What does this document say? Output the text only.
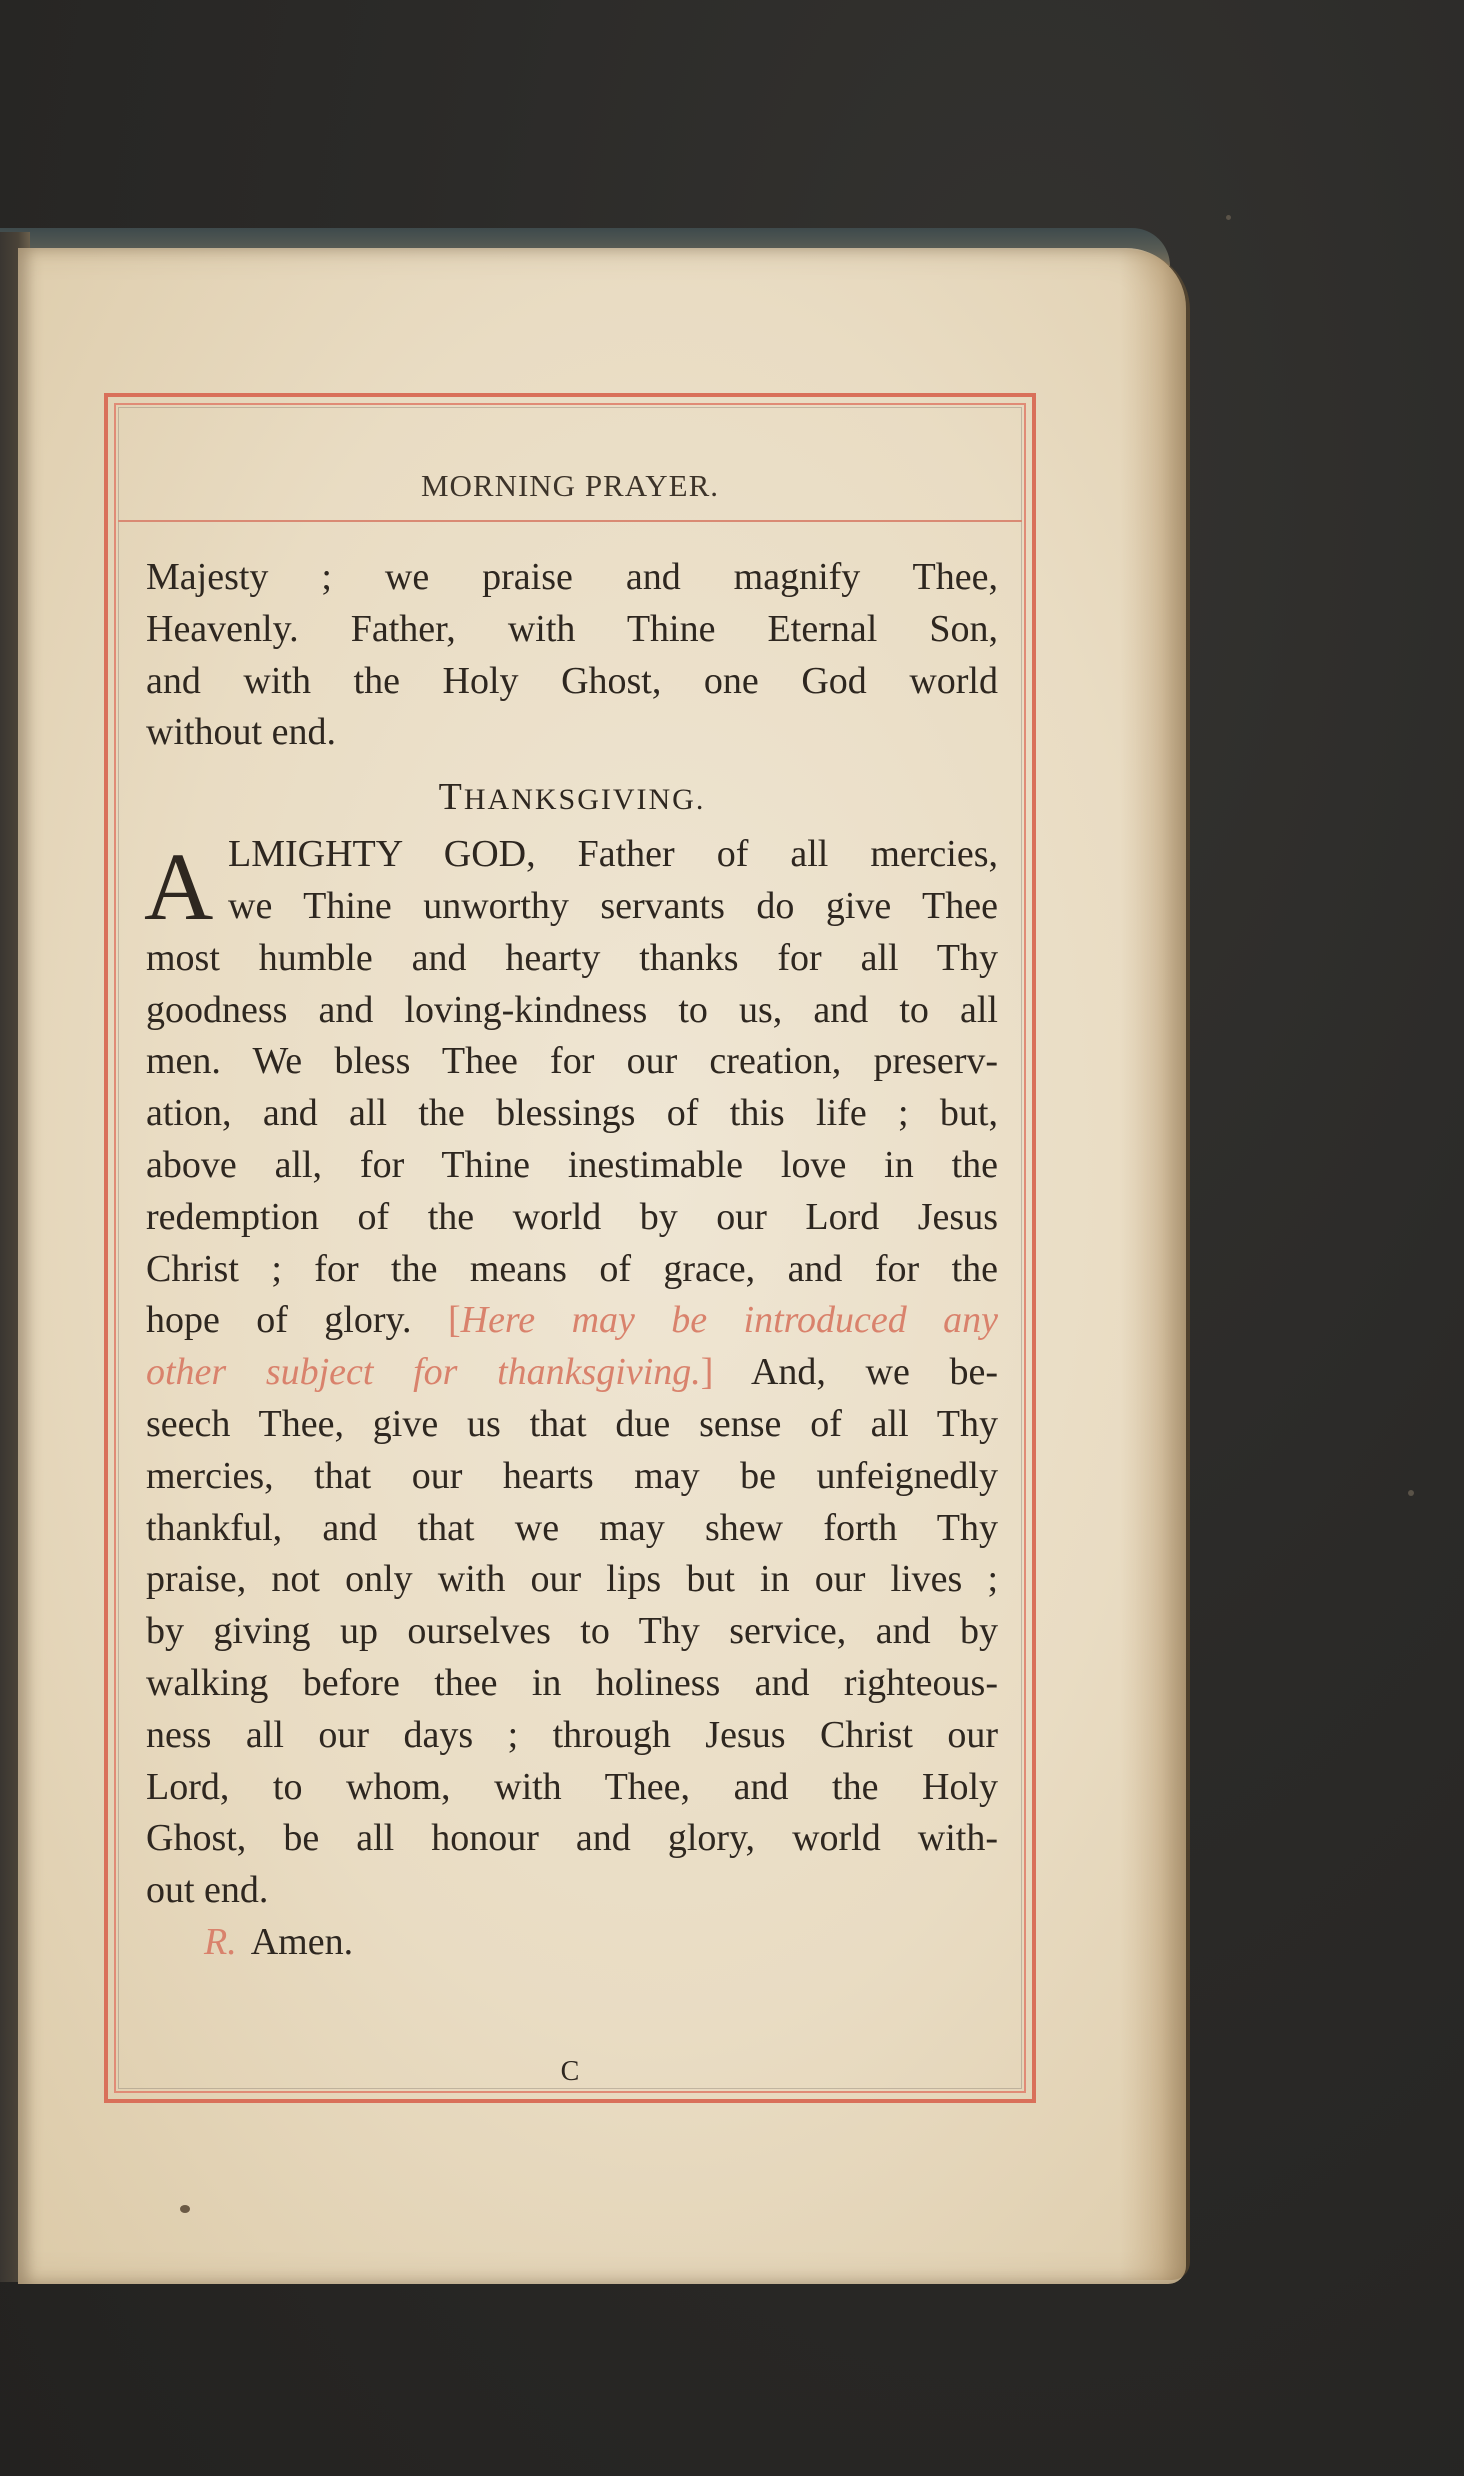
MORNING PRAYER.
Majesty ; we praise and magnify Thee,
Heavenly. Father, with Thine Eternal Son,
and with the Holy Ghost, one God world
without end.
THANKSGIVING.
A LMIGHTY GOD, Father of all mercies,
we Thine unworthy servants do give Thee
most humble and hearty thanks for all Thy
goodness and loving-kindness to us, and to all
men. We bless Thee for our creation, preserv-
ation, and all the blessings of this life ; but,
above all, for Thine inestimable love in the
redemption of the world by our Lord Jesus
Christ ; for the means of grace, and for the
hope of glory. [Here may be introduced any
other subject for thanksgiving.] And, we be-
seech Thee, give us that due sense of all Thy
mercies, that our hearts may be unfeignedly
thankful, and that we may shew forth Thy
praise, not only with our lips but in our lives ;
by giving up ourselves to Thy service, and by
walking before thee in holiness and righteous-
ness all our days ; through Jesus Christ our
Lord, to whom, with Thee, and the Holy
Ghost, be all honour and glory, world with-
out end.
R. Amen.
C
